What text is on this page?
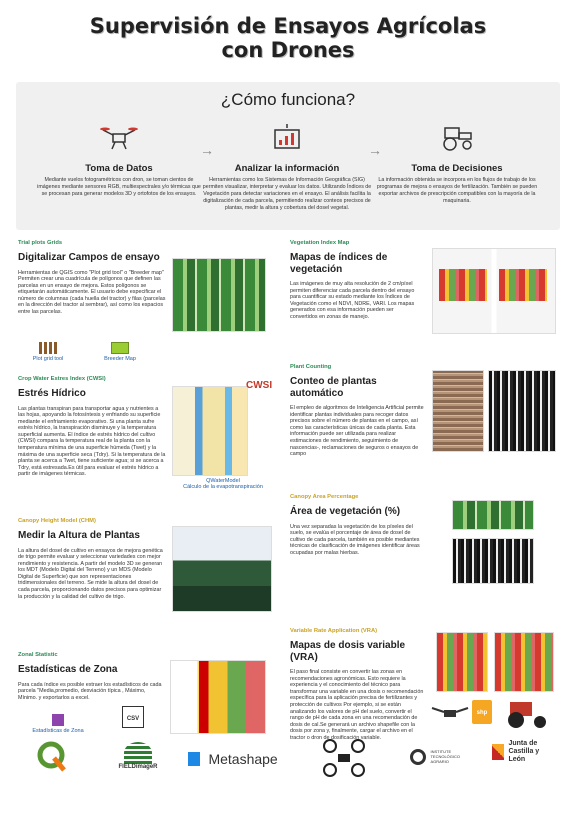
Supervisión de Ensayos Agrícolas
con Drones
¿Cómo funciona?
Toma de Datos
Mediante vuelos fotogramétricos con dron, se toman cientos de imágenes mediante sensores RGB, multiespectrales y/o térmicas que se procesan para generar modelos 3D y ortofotos de los ensayos.
→
Analizar la información
Herramientas como los Sistemas de Información Geográfica (SIG) permiten visualizar, interpretar y evaluar los datos. Utilizando Índices de Vegetación para detectar variaciones en el ensayo. El análisis facilita la digitalización de cada parcela, permitiendo realizar conteos precisos de plantas, medir la altura y cobertura del dosel vegetal.
→
Toma de Decisiones
La información obtenida se incorpora en los flujos de trabajo de los programas de mejora o ensayos de fertilización. También se pueden exportar archivos de prescripción compatibles con la mayoría de la maquinaria.
Trial plots Grids
Digitalizar Campos de ensayo

Herramientas de QGIS como "Plot grid tool" o "Breeder map" Permiten crear una cuadrícula de polígonos que definen las parcelas en un ensayo de mejora. Estos polígonos se etiquetarán automáticamente. El usuario debe especificar el número de columnas (cada huella del tractor) y filas (parcelas en la dirección del tractor al sembrar), así como los espacios entre las parcelas.

Plot grid tool	Breeder Map
Crop Water Estres Index (CWSI)
Estrés Hídrico

Las plantas transpiran para transportar agua y nutrientes a las hojas, apoyando la fotosíntesis y enfriando su superficie mediante el enfriamiento evaporativo. Si una planta sufre estrés hídrico, la transpiración disminuye y la temperatura superficial aumenta. El índice de estrés hídrico del cultivo (CWSI) compara la temperatura real de la planta con la temperatura mínima de una superficie húmeda (Twet) y la máxima de una superficie seca (Tdry). Si la temperatura de la planta se acerca a Twet, tiene suficiente agua; si se acerca a Tdry, está estresada.Es útil para evaluar el estrés hídrico a partir de imágenes térmicas.

CWSI
QWaterModel
Cálculo de la evapotranspiración
Canopy Height Model (CHM)
Medir la Altura de Plantas

La altura del dosel de cultivo en ensayos de mejora genética de trigo permite evaluar y seleccionar variedades con mejor rendimiento y resistencia. A partir del modelo 3D se generan los MDT (Modelo Digital del Terreno) y un MDS (Modelo Digital de Superficie) que son representaciones tridimensionales del terreno. Se mide la altura del dosel de cada parcela, proporcionando datos precisos para optimizar la producción y la calidad del cultivo de trigo.

Zonal Statistic
Estadísticas de Zona

Para cada índice es posible extraer los estadísticos de cada parcela "Media,promedio, desviación típica , Máximo, Mínimo. y exportarlos a excel.

Estadísticas de Zona
CSV
Vegetation Index Map
Mapas de índices de vegetación

Las imágenes de muy alta resolución de 2 cm/píxel permiten diferenciar cada parcela dentro del ensayo para cuantificar su estado mediante los Índices de Vegetación como el NDVI, NDRE, VARI. Los mapas generados con esa información pueden ser convertidos en zonas de manejo.

Plant Counting
Conteo de plantas automático

El empleo de algoritmos de Inteligencia Artificial permite identificar plantas individuales para recoger datos precisos sobre el número de plantas en el campo, así como las características únicas de cada planta. Esta información puede ser utilizada para realizar estimaciones de rendimiento, seguimiento de nascencias-, reclamaciones de seguros o ensayos de campo

Canopy Area Percentage
Área de vegetación (%)

Una vez separadas la vegetación de los píxeles del suelo, se evalúa el porcentaje de área de dosel de cultivo de cada parcela, también es posible mediantes técnicas de clasificación de imágenes identificar áreas ocupadas por malas hierbas.

Variable Rate Application (VRA)
Mapas de dosis variable (VRA)

El paso final consiste en convertir las zonas en recomendaciones agronómicas. Esto requiere la experiencia y el conocimiento del técnico para transformar una variable en una dosis o recomendación específica para la aplicación precisa de fertilizantes y protección de cultivos Por ejemplo, si se están analizando los valores de pH del suelo, convertir el rango de pH de cada zona en una recomendación de dosis de cal.Se generará un archivo shapefile con la dosis por zona y, finalmente, cargar el archivo en el tractor o dron de dosificación variable.

shp
FIELDimageR
Metashape	INSTITUTE TECNOLÓGICO AGRARIO
Junta de Castilla y León
